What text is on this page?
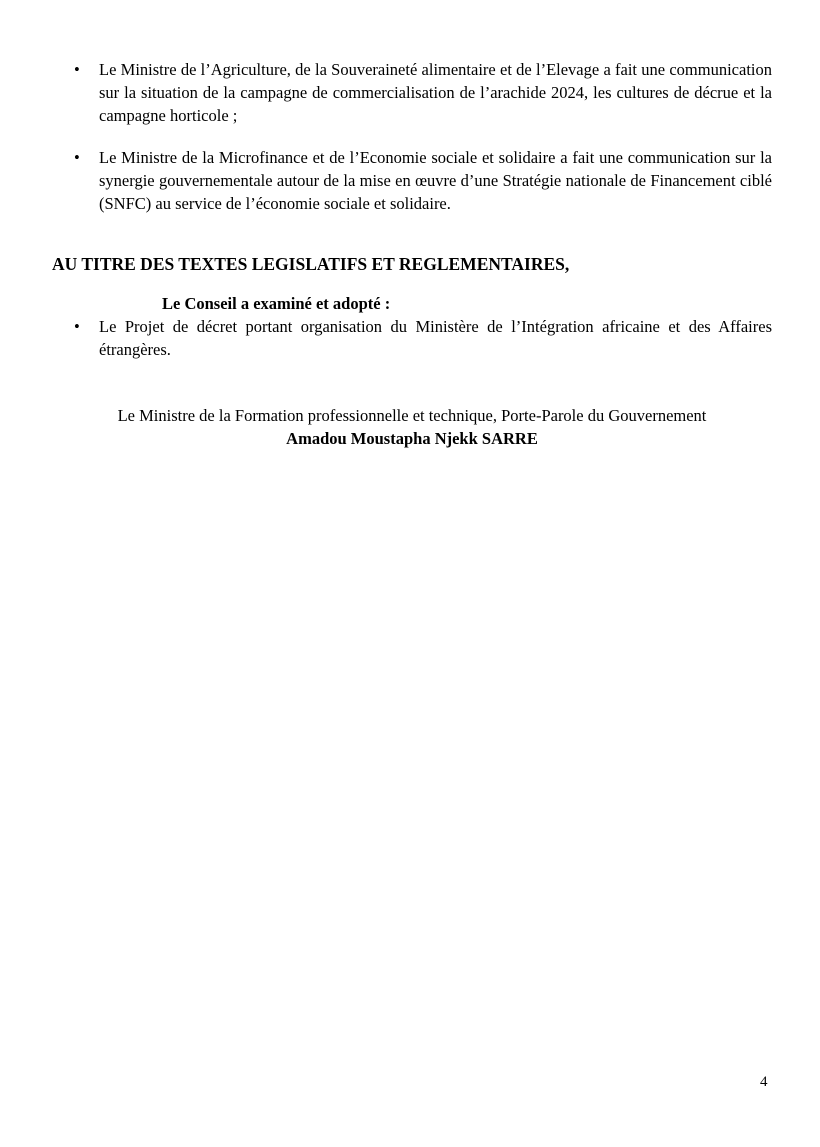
•	Le Ministre de l’Agriculture, de la Souveraineté alimentaire et de l’Elevage a fait une communication sur la situation de la campagne de commercialisation de l’arachide 2024, les cultures de décrue et la campagne horticole ;

•	Le Ministre de la Microfinance et de l’Economie sociale et solidaire a fait une communication sur la synergie gouvernementale autour de la mise en œuvre d’une Stratégie nationale de Financement ciblé (SNFC) au service de l’économie sociale et solidaire.

AU TITRE DES TEXTES LEGISLATIFS ET REGLEMENTAIRES,
Le Conseil a examiné et adopté :
•	Le Projet de décret portant organisation du Ministère de l’Intégration africaine et des Affaires étrangères.

Le Ministre de la Formation professionnelle et technique, Porte-Parole du Gouvernement

Amadou Moustapha Njekk SARRE

4
